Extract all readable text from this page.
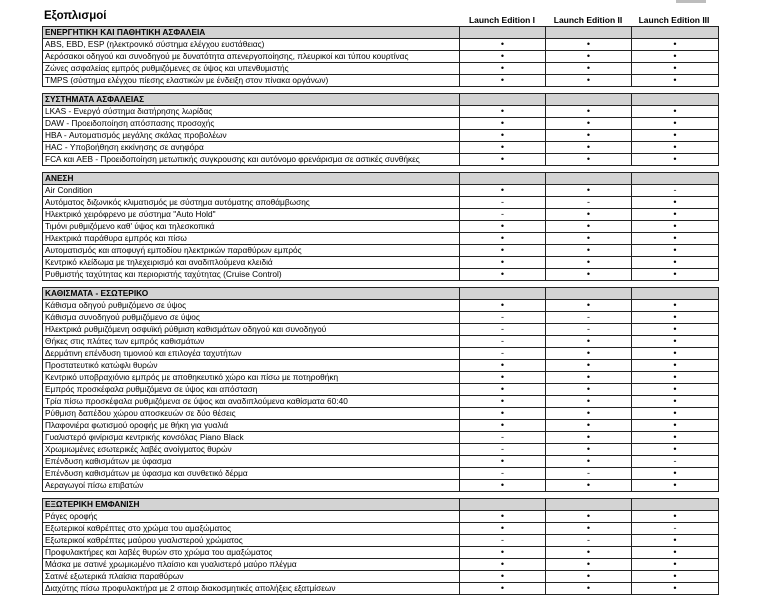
Εξοπλισμοί	Launch Edition I	Launch Edition II	Launch Edition III
ΕΝΕΡΓΗΤΙΚΗ ΚΑΙ ΠΑΘΗΤΙΚΗ ΑΣΦΑΛΕΙΑ			
ABS, EBD, ESP (ηλεκτρονικό σύστημα ελέγχου ευστάθειας)	•	•	•
Αερόσακοι οδηγού και συνοδηγού με δυνατότητα απενεργοποίησης, πλευρικοί και τύπου κουρτίνας	•	•	•
Ζώνες ασφαλείας εμπρός ρυθμιζόμενες σε ύψος και υπενθυμιστής	•	•	•
TMPS (σύστημα ελέγχου πίεσης ελαστικών με ένδειξη στον πίνακα οργάνων)	•	•	•

ΣΥΣΤΗΜΑΤΑ ΑΣΦΑΛΕΙΑΣ			
LKAS - Ενεργό σύστημα διατήρησης λωρίδας	•	•	•
DAW - Προειδοποίηση απόσπασης προσοχής	•	•	•
HBA - Αυτοματισμός μεγάλης σκάλας προβολέων	•	•	•
HAC - Υποβοήθηση εκκίνησης σε ανηφόρα	•	•	•
FCA και AEB - Προειδοποίηση μετωπικής συγκρουσης και αυτόνομο φρενάρισμα σε αστικές συνθήκες	•	•	•

ΑΝΕΣΗ			
Air Condition	•	•	-
Αυτόματος διζωνικός κλιματισμός με σύστημα αυτόματης αποθάμβωσης	-	-	•
Ηλεκτρικό χειρόφρενο με σύστημα "Auto Hold"	-	•	•
Τιμόνι ρυθμιζόμενο καθ' ύψος και τηλεσκοπικά	•	•	•
Ηλεκτρικά παράθυρα εμπρός και πίσω	•	•	•
Αυτοματισμός και αποφυγή εμποδίου ηλεκτρικών παραθύρων εμπρός	•	•	•
Κεντρικό κλείδωμα με τηλεχειρισμό και αναδιπλούμενα κλειδιά	•	•	•
Ρυθμιστής ταχύτητας και περιοριστής ταχύτητας (Cruise Control)	•	•	•

ΚΑΘΙΣΜΑΤΑ - ΕΣΩΤΕΡΙΚΟ			
Κάθισμα οδηγού ρυθμιζόμενο σε ύψος	•	•	•
Κάθισμα συνοδηγού ρυθμιζόμενο σε ύψος	-	-	•
Ηλεκτρικά ρυθμιζόμενη οσφυϊκή ρύθμιση καθισμάτων οδηγού και συνοδηγού	-	-	•
Θήκες στις πλάτες των εμπρός καθισμάτων	-	•	•
Δερμάτινη επένδυση τιμονιού και επιλογέα ταχυτήτων	-	•	•
Προστατευτικό κατώφλι θυρών	•	•	•
Κεντρικό υποβραχιόνιο εμπρός με αποθηκευτικό χώρο και πίσω με ποτηροθήκη	•	•	•
Εμπρός προσκέφαλα ρυθμιζόμενα σε ύψος και απόσταση	•	•	•
Τρία πίσω προσκέφαλα ρυθμιζόμενα σε ύψος και αναδιπλούμενα καθίσματα 60:40	•	•	•
Ρύθμιση δαπέδου χώρου αποσκευών σε δύο θέσεις	•	•	•
Πλαφονιέρα φωτισμού οροφής με θήκη για γυαλιά	•	•	•
Γυαλιστερό φινίρισμα κεντρικής κονσόλας Piano Black	-	•	•
Χρωμιωμένες εσωτερικές λαβές ανοίγματος θυρών	-	•	•
Επένδυση καθισμάτων με ύφασμα	•	•	-
Επένδυση καθισμάτων με ύφασμα και συνθετικό δέρμα	-	-	•
Αεραγωγοί πίσω επιβατών	•	•	•

ΕΞΩΤΕΡΙΚΗ ΕΜΦΑΝΙΣΗ			
Ράγες οροφής	•	•	•
Εξωτερικοί καθρέπτες στο χρώμα του αμαξώματος	•	•	-
Εξωτερικοί καθρέπτες μαύρου γυαλιστερού χρώματος	-	-	•
Προφυλακτήρες και λαβές θυρών στο χρώμα του αμαξώματος	•	•	•
Μάσκα με σατινέ χρωμιωμένο πλαίσιο και γυαλιστερό μαύρο πλέγμα	•	•	•
Σατινέ εξωτερικά πλαίσια παραθύρων	•	•	•
Διαχύτης πίσω προφυλακτήρα με 2 σποιρ διακοσμητικές απολήξεις εξατμίσεων	•	•	•
